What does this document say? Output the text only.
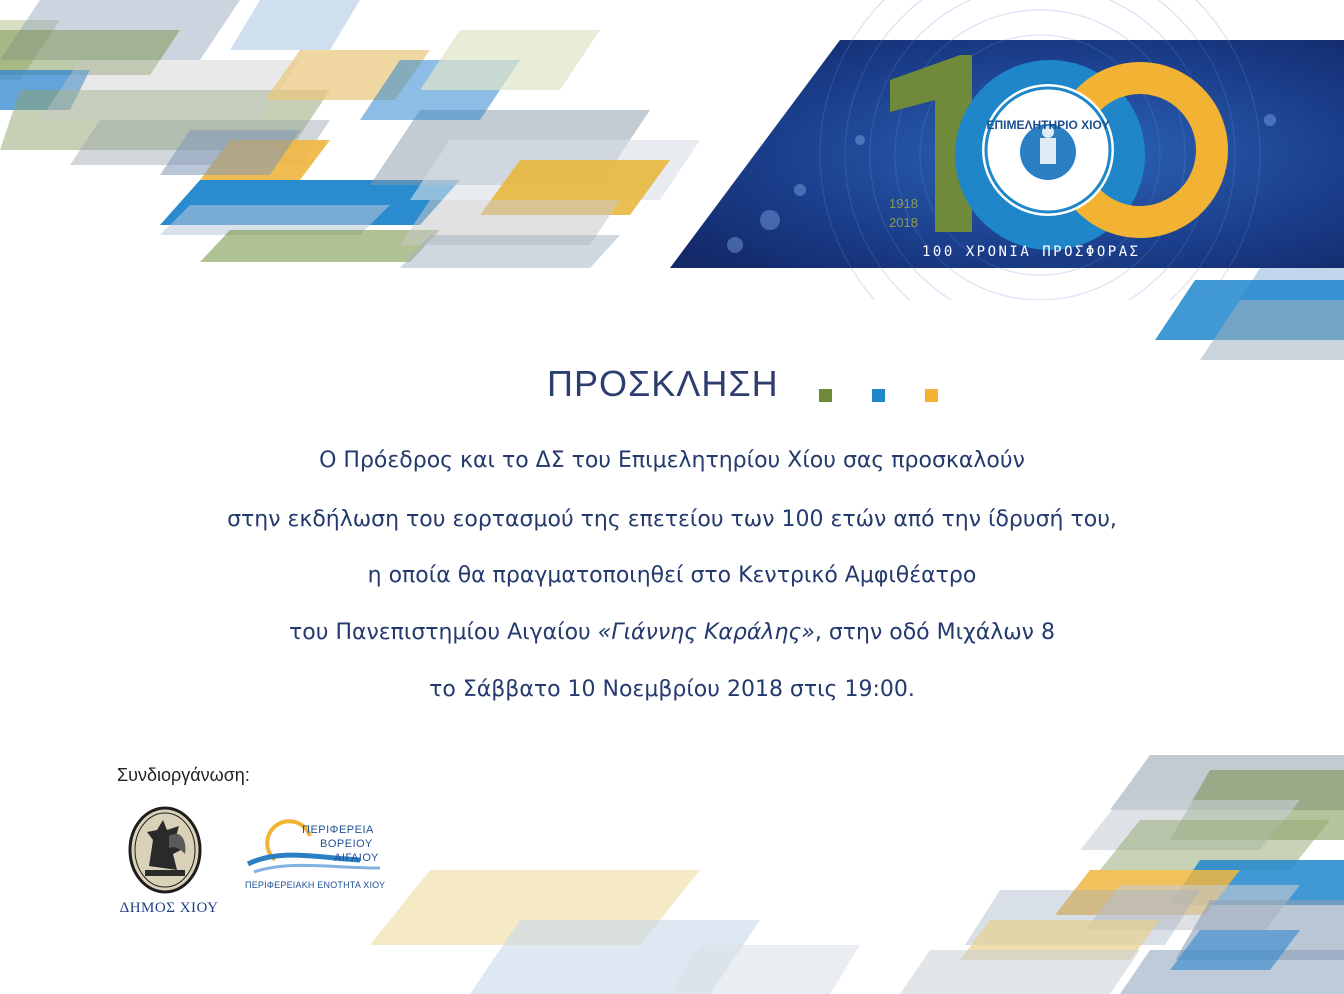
ΕΠΙΜΕΛΗΤΗΡΙΟ ΧΙΟΥ
1918
2018
100 ΧΡΟΝΙΑ ΠΡΟΣΦΟΡΑΣ
ΠΡΟΣΚΛΗΣΗ
Ο Πρόεδρος και το ΔΣ του Επιμελητηρίου Χίου σας προσκαλούν
στην εκδήλωση του εορτασμού της επετείου των 100 ετών από την ίδρυσή του,
η οποία θα πραγματοποιηθεί στο Κεντρικό Αμφιθέατρο
του Πανεπιστημίου Αιγαίου «Γιάννης Καράλης», στην οδό Μιχάλων 8
το Σάββατο 10 Νοεμβρίου 2018 στις 19:00.
Συνδιοργάνωση:
ΔΗΜΟΣ ΧΙΟΥ
ΠΕΡΙΦΕΡΕΙΑ
ΒΟΡΕΙΟΥ
ΑΙΓΑΙΟΥ
ΠΕΡΙΦΕΡΕΙΑΚΗ ΕΝΟΤΗΤΑ ΧΙΟΥ
